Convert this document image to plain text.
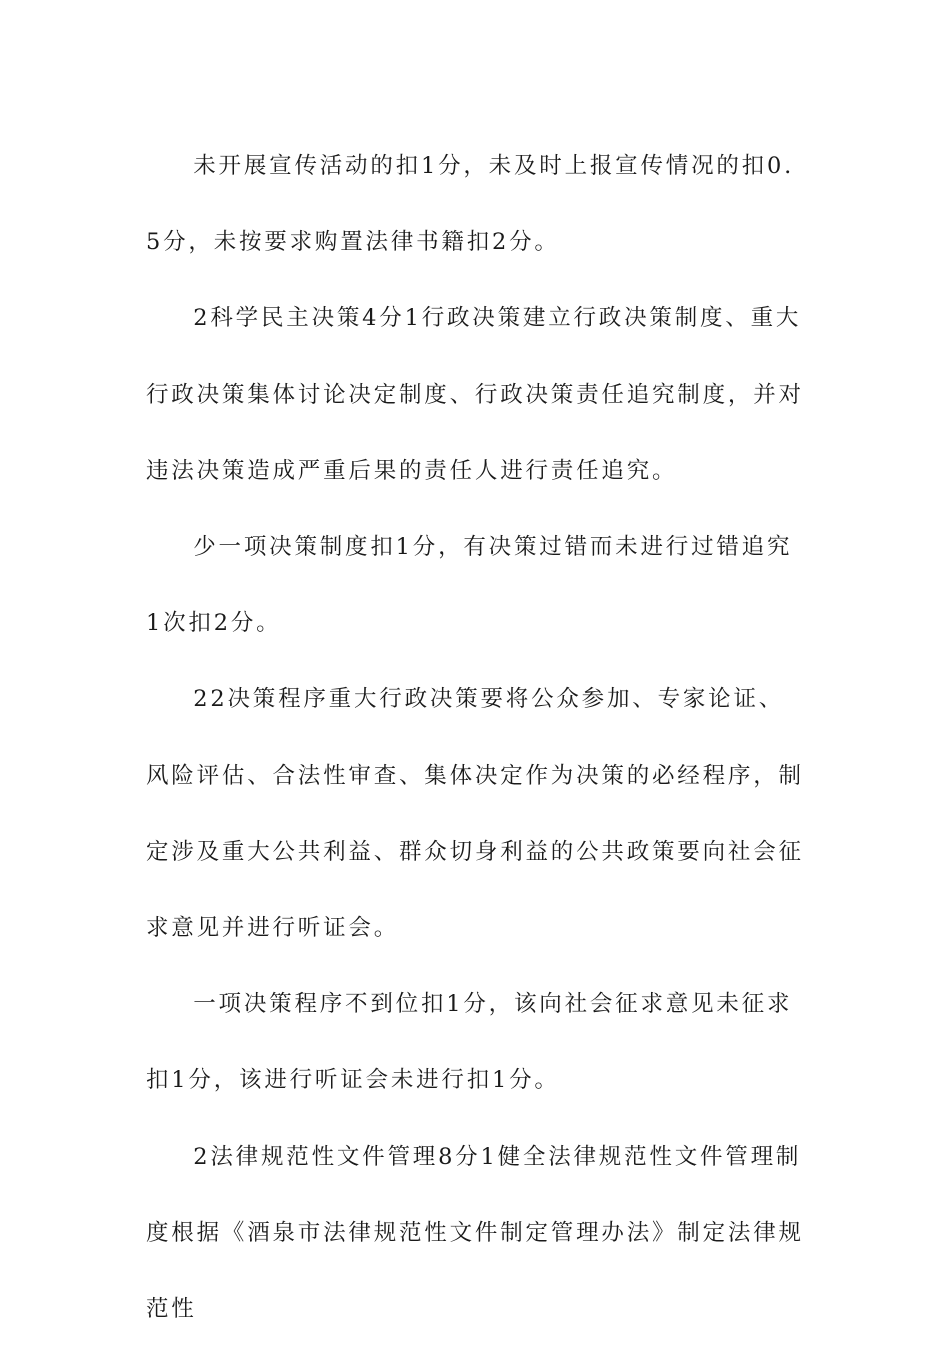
未开展宣传活动的扣1分，未及时上报宣传情况的扣0.5分，未按要求购置法律书籍扣2分。

2科学民主决策4分1行政决策建立行政决策制度、重大行政决策集体讨论决定制度、行政决策责任追究制度，并对违法决策造成严重后果的责任人进行责任追究。

少一项决策制度扣1分，有决策过错而未进行过错追究1次扣2分。

22决策程序重大行政决策要将公众参加、专家论证、风险评估、合法性审查、集体决定作为决策的必经程序，制定涉及重大公共利益、群众切身利益的公共政策要向社会征求意见并进行听证会。

一项决策程序不到位扣1分，该向社会征求意见未征求扣1分，该进行听证会未进行扣1分。

2法律规范性文件管理8分1健全法律规范性文件管理制度根据《酒泉市法律规范性文件制定管理办法》制定法律规范性
